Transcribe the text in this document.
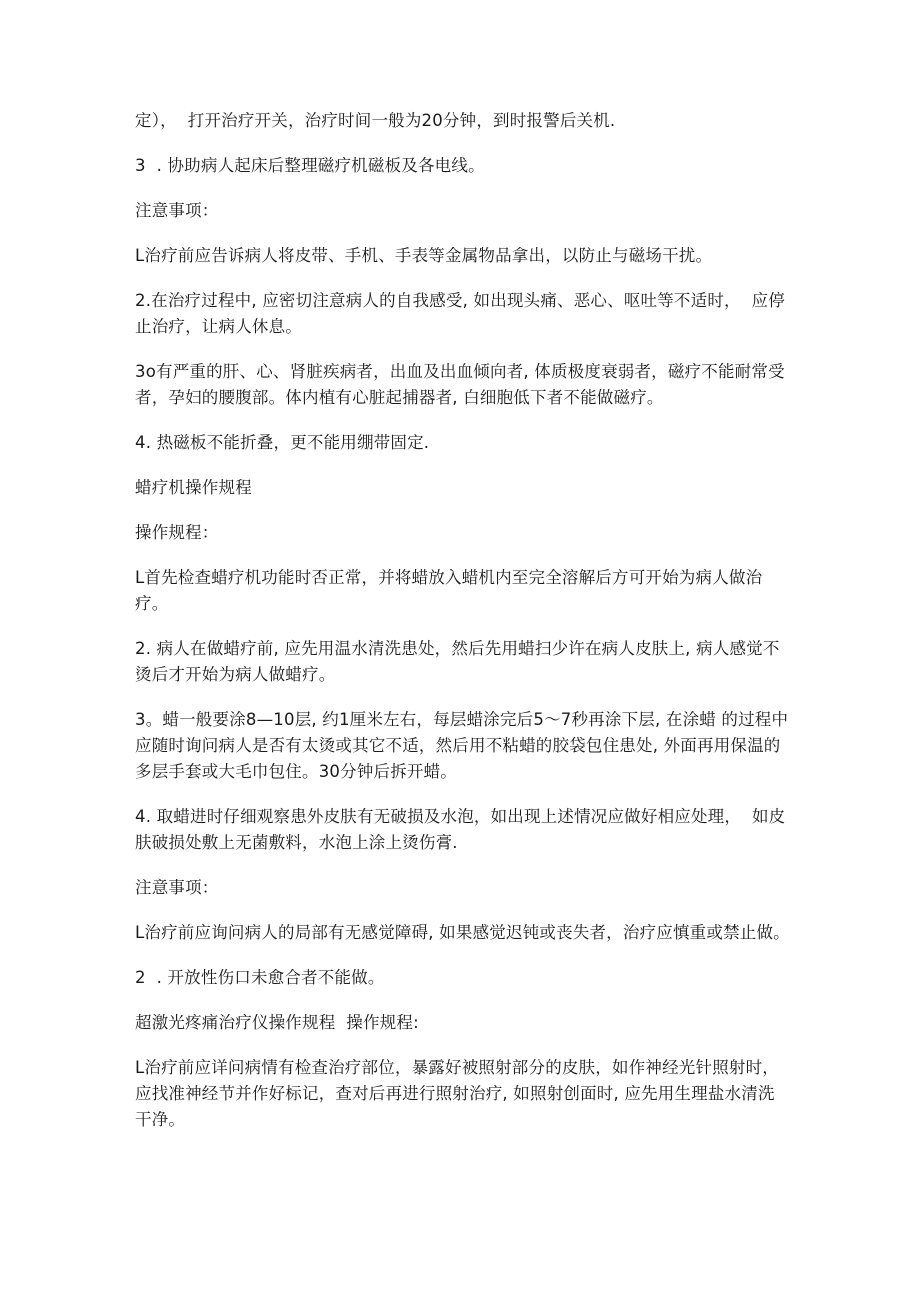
定），  打开治疗开关，治疗时间一般为20分钟，到时报警后关机.

3  . 协助病人起床后整理磁疗机磁板及各电线。

注意事项：

L治疗前应告诉病人将皮带、手机、手表等金属物品拿出，以防止与磁场干扰。

2.在治疗过程中, 应密切注意病人的自我感受, 如出现头痛、恶心、呕吐等不适时，  应停止治疗，让病人休息。

3o有严重的肝、心、肾脏疾病者，出血及出血倾向者, 体质极度衰弱者，磁疗不能耐常受者，孕妇的腰腹部。体内植有心脏起捕器者, 白细胞低下者不能做磁疗。

4. 热磁板不能折叠，更不能用绷带固定.

蜡疗机操作规程

操作规程：

L首先检查蜡疗机功能时否正常，并将蜡放入蜡机内至完全溶解后方可开始为病人做治疗。

2. 病人在做蜡疗前, 应先用温水清洗患处，然后先用蜡扫少许在病人皮肤上, 病人感觉不烫后才开始为病人做蜡疗。

3。蜡一般要涂8—10层, 约1厘米左右，每层蜡涂完后5～7秒再涂下层, 在涂蜡 的过程中应随时询问病人是否有太烫或其它不适，然后用不粘蜡的胶袋包住患处, 外面再用保温的多层手套或大毛巾包住。30分钟后拆开蜡。

4. 取蜡进时仔细观察患外皮肤有无破损及水泡，如出现上述情况应做好相应处理，  如皮肤破损处敷上无菌敷料，水泡上涂上烫伤膏.

注意事项：

L治疗前应询问病人的局部有无感觉障碍, 如果感觉迟钝或丧失者，治疗应慎重或禁止做。

2  . 开放性伤口未愈合者不能做。

超激光疼痛治疗仪操作规程  操作规程:

L治疗前应详问病情有检查治疗部位，暴露好被照射部分的皮肤，如作神经光针照射时，应找准神经节并作好标记，查对后再进行照射治疗, 如照射创面时, 应先用生理盐水清洗干净。
